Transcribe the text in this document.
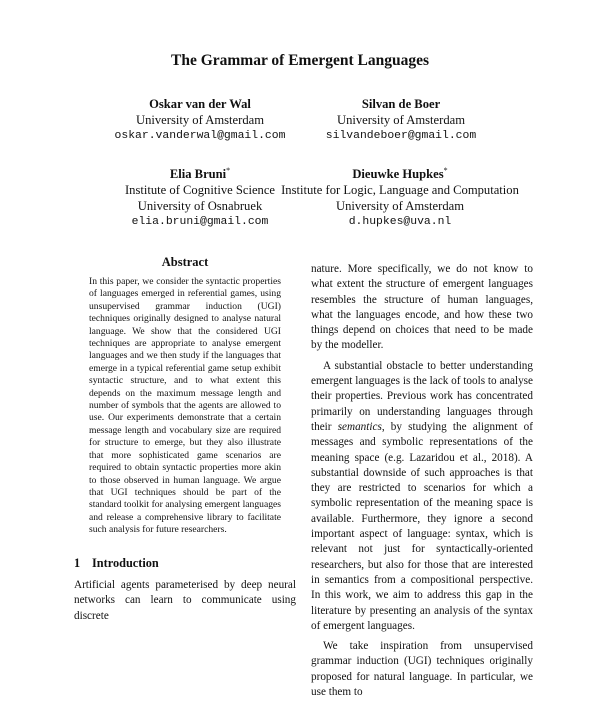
The Grammar of Emergent Languages
Oskar van der Wal
University of Amsterdam
oskar.vanderwal@gmail.com
Silvan de Boer
University of Amsterdam
silvandeboer@gmail.com
Elia Bruni*
Institute of Cognitive Science
University of Osnabruek
elia.bruni@gmail.com
Dieuwke Hupkes*
Institute for Logic, Language and Computation
University of Amsterdam
d.hupkes@uva.nl
Abstract
In this paper, we consider the syntactic properties of languages emerged in referential games, using unsupervised grammar induction (UGI) techniques originally designed to analyse natural language. We show that the considered UGI techniques are appropriate to analyse emergent languages and we then study if the languages that emerge in a typical referential game setup exhibit syntactic structure, and to what extent this depends on the maximum message length and number of symbols that the agents are allowed to use. Our experiments demonstrate that a certain message length and vocabulary size are required for structure to emerge, but they also illustrate that more sophisticated game scenarios are required to obtain syntactic properties more akin to those observed in human language. We argue that UGI techniques should be part of the standard toolkit for analysing emergent languages and release a comprehensive library to facilitate such analysis for future researchers.
1 Introduction

Artificial agents parameterised by deep neural networks can learn to communicate using discrete

nature. More specifically, we do not know to what extent the structure of emergent languages resembles the structure of human languages, what the languages encode, and how these two things depend on choices that need to be made by the modeller.

A substantial obstacle to better understanding emergent languages is the lack of tools to analyse their properties. Previous work has concentrated primarily on understanding languages through their semantics, by studying the alignment of messages and symbolic representations of the meaning space (e.g. Lazaridou et al., 2018). A substantial downside of such approaches is that they are restricted to scenarios for which a symbolic representation of the meaning space is available. Furthermore, they ignore a second important aspect of language: syntax, which is relevant not just for syntactically-oriented researchers, but also for those that are interested in semantics from a compositional perspective. In this work, we aim to address this gap in the literature by presenting an analysis of the syntax of emergent languages.

We take inspiration from unsupervised grammar induction (UGI) techniques originally proposed for natural language. In particular, we use them to
